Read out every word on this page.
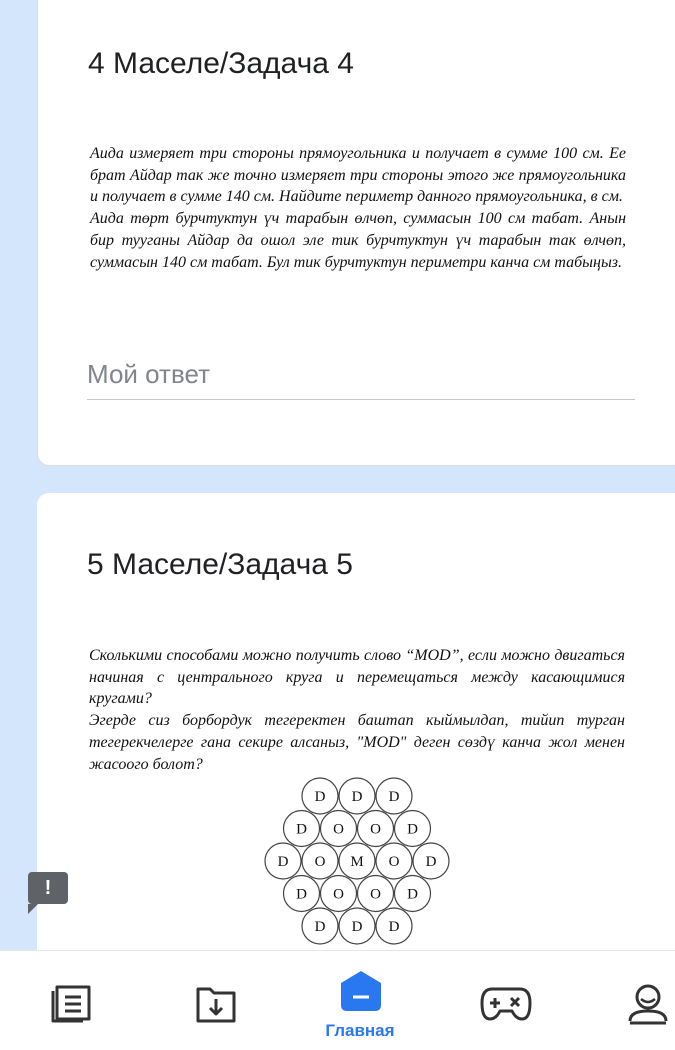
4 Маселе/Задача 4

Аида измеряет три стороны прямоугольника и получает в сумме 100 см. Ее брат Айдар так же точно измеряет три стороны этого же прямоугольника и получает в сумме 140 см. Найдите периметр данного прямоугольника, в см.

Аида төрт бурчтуктун үч тарабын өлчөп, суммасын 100 см табат. Анын бир тууганы Айдар да ошол эле тик бурчтуктун үч тарабын так өлчөп, суммасын 140 см табат. Бул тик бурчтуктун периметри канча см табыңыз.

Мой ответ
5 Маселе/Задача 5

Сколькими способами можно получить слово “MOD”, если можно двигаться начиная с центрального круга и перемещаться между касающимися кругами?

Эгерде сиз борбордук тегеректен баштап кыймылдап, тийип турган тегерекчелерге гана секире алсаныз, "MOD" деген сөздү канча жол менен жасоого болот?

D D D
D O O D
D O M O D
D O O D
D D D
!
Главная
